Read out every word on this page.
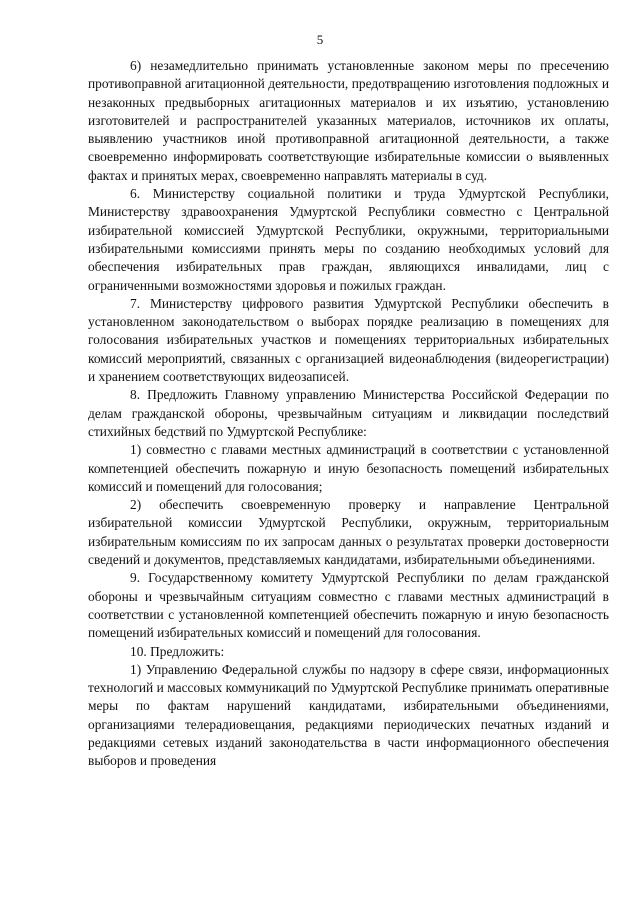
5

6) незамедлительно принимать установленные законом меры по пресечению противоправной агитационной деятельности, предотвращению изготовления подложных и незаконных предвыборных агитационных материалов и их изъятию, установлению изготовителей и распространителей указанных материалов, источников их оплаты, выявлению участников иной противоправной агитационной деятельности, а также своевременно информировать соответствующие избирательные комиссии о выявленных фактах и принятых мерах, своевременно направлять материалы в суд.

6. Министерству социальной политики и труда Удмуртской Республики, Министерству здравоохранения Удмуртской Республики совместно с Центральной избирательной комиссией Удмуртской Республики, окружными, территориальными избирательными комиссиями принять меры по созданию необходимых условий для обеспечения избирательных прав граждан, являющихся инвалидами, лиц с ограниченными возможностями здоровья и пожилых граждан.

7. Министерству цифрового развития Удмуртской Республики обеспечить в установленном законодательством о выборах порядке реализацию в помещениях для голосования избирательных участков и помещениях территориальных избирательных комиссий мероприятий, связанных с организацией видеонаблюдения (видеорегистрации) и хранением соответствующих видеозаписей.

8. Предложить Главному управлению Министерства Российской Федерации по делам гражданской обороны, чрезвычайным ситуациям и ликвидации последствий стихийных бедствий по Удмуртской Республике:

1) совместно с главами местных администраций в соответствии с установленной компетенцией обеспечить пожарную и иную безопасность помещений избирательных комиссий и помещений для голосования;

2) обеспечить своевременную проверку и направление Центральной избирательной комиссии Удмуртской Республики, окружным, территориальным избирательным комиссиям по их запросам данных о результатах проверки достоверности сведений и документов, представляемых кандидатами, избирательными объединениями.

9. Государственному комитету Удмуртской Республики по делам гражданской обороны и чрезвычайным ситуациям совместно с главами местных администраций в соответствии с установленной компетенцией обеспечить пожарную и иную безопасность помещений избирательных комиссий и помещений для голосования.

10. Предложить:

1) Управлению Федеральной службы по надзору в сфере связи, информационных технологий и массовых коммуникаций по Удмуртской Республике принимать оперативные меры по фактам нарушений кандидатами, избирательными объединениями, организациями телерадиовещания, редакциями периодических печатных изданий и редакциями сетевых изданий законодательства в части информационного обеспечения выборов и проведения
